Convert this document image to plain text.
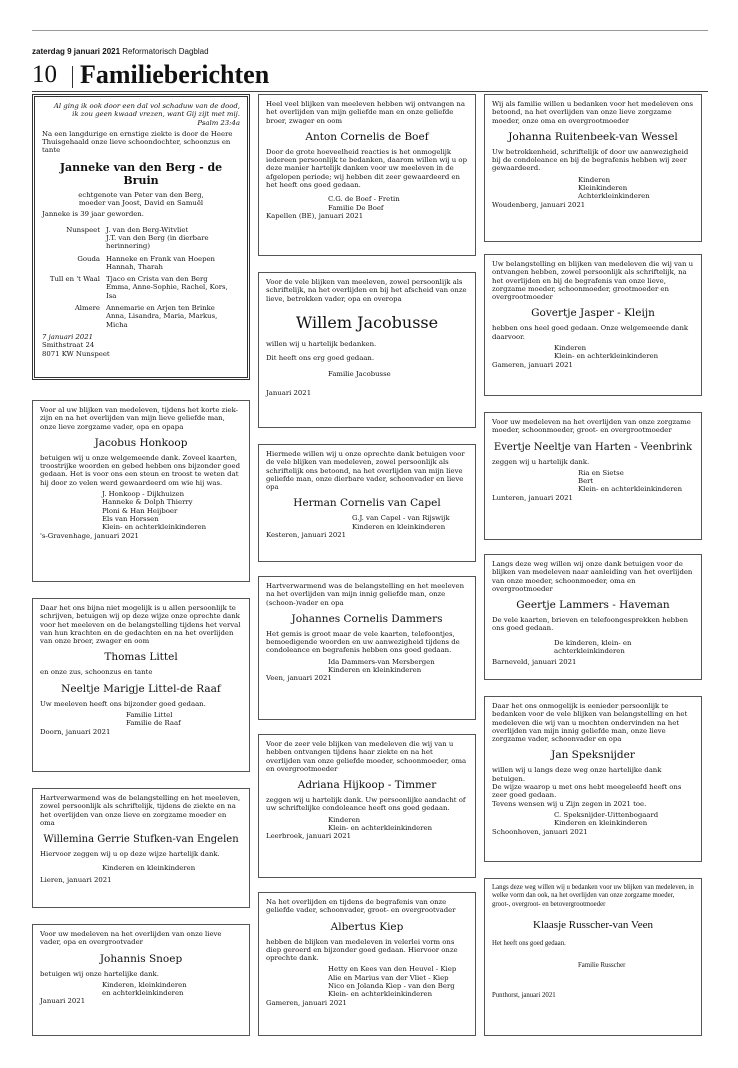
zaterdag 9 januari 2021 Reformatorisch Dagblad
10 Familieberichten

Al ging ik ook door een dal vol schaduw van de dood,

ik zou geen kwaad vrezen, want Gij zijt met mij.

Psalm 23:4a

Na een langdurige en ernstige ziekte is door de Heere Thuisgehaald onze lieve schoondochter, schoonzus en tante

Janneke van den Berg - de Bruin

echtgenote van Peter van den Berg,

moeder van Joost, David en Samuël

Janneke is 39 jaar geworden.

Nunspeet J. van den Berg-Witvliet
J.T. van den Berg (in dierbare herinnering)
Gouda Hanneke en Frank van Hoepen
Hannah, Tharah
Tull en 't Waal Tjaco en Crista van den Berg
Emma, Anne-Sophie, Rachel, Kors, Isa
Almere Annemarie en Arjen ten Brinke
Anna, Lisandra, Maria, Markus, Micha

7 januari 2021

Smithstraat 24

8071 KW Nunspeet

Voor al uw blijken van medeleven, tijdens het korte ziek-zijn en na het overlijden van mijn lieve geliefde man, onze lieve zorgzame vader, opa en opapa

Jacobus Honkoop

betuigen wij u onze welgemeende dank. Zoveel kaarten, troostrijke woorden en gebed hebben ons bijzonder goed gedaan. Het is voor ons een steun en troost te weten dat hij door zo velen werd gewaardeerd om wie hij was.

J. Honkoop - Dijkhuizen
Hanneke & Dolph Thierry
Ploni & Han Heijboer
Els van Horssen
Klein- en achterkleinkinderen

's-Gravenhage, januari 2021

Daar het ons bijna niet mogelijk is u allen persoonlijk te schrijven, betuigen wij op deze wijze onze oprechte dank voor het meeleven en de belangstelling tijdens het verval van hun krachten en de gedachten en na het overlijden van onze broer, zwager en oom

Thomas Littel

en onze zus, schoonzus en tante

Neeltje Marigje Littel-de Raaf

Uw meeleven heeft ons bijzonder goed gedaan.

Familie Littel
Familie de Raaf

Doorn, januari 2021

Hartverwarmend was de belangstelling en het meeleven, zowel persoonlijk als schriftelijk, tijdens de ziekte en na het overlijden van onze lieve en zorgzame moeder en oma

Willemina Gerrie Stufken-van Engelen

Hiervoor zeggen wij u op deze wijze hartelijk dank.

Kinderen en kleinkinderen

Lieren, januari 2021

Voor uw medeleven na het overlijden van onze lieve vader, opa en overgrootvader

Johannis Snoep

betuigen wij onze hartelijke dank.

Kinderen, kleinkinderen
en achterkleinkinderen

Januari 2021

Heel veel blijken van meeleven hebben wij ontvangen na het overlijden van mijn geliefde man en onze geliefde broer, zwager en oom

Anton Cornelis de Boef

Door de grote hoeveelheid reacties is het onmogelijk iedereen persoonlijk te bedanken, daarom willen wij u op deze manier hartelijk danken voor uw meeleven in de afgelopen periode; wij hebben dit zeer gewaardeerd en het heeft ons goed gedaan.

C.G. de Boef - Fretin
Familie De Boef

Kapellen (BE), januari 2021

Voor de vele blijken van meeleven, zowel persoonlijk als schriftelijk, na het overlijden en bij het afscheid van onze lieve, betrokken vader, opa en overopa

Willem Jacobusse

willen wij u hartelijk bedanken.

Dit heeft ons erg goed gedaan.

Familie Jacobusse

Januari 2021

Hiermede willen wij u onze oprechte dank betuigen voor de vele blijken van medeleven, zowel persoonlijk als schriftelijk ons betoond, na het overlijden van mijn lieve geliefde man, onze dierbare vader, schoonvader en lieve opa

Herman Cornelis van Capel
G.J. van Capel - van Rijswijk
Kinderen en kleinkinderen

Kesteren, januari 2021

Hartverwarmend was de belangstelling en het meeleven na het overlijden van mijn innig geliefde man, onze (schoon-)vader en opa

Johannes Cornelis Dammers

Het gemis is groot maar de vele kaarten, telefoontjes, bemoedigende woorden en uw aanwezigheid tijdens de condoleance en begrafenis hebben ons goed gedaan.

Ida Dammers-van Mersbergen
Kinderen en kleinkinderen

Veen, januari 2021

Voor de zeer vele blijken van medeleven die wij van u hebben ontvangen tijdens haar ziekte en na het overlijden van onze geliefde moeder, schoonmoeder, oma en overgrootmoeder

Adriana Hijkoop - Timmer

zeggen wij u hartelijk dank. Uw persoonlijke aandacht of uw schriftelijke condoleance heeft ons goed gedaan.

Kinderen
Klein- en achterkleinkinderen

Leerbroek, januari 2021

Na het overlijden en tijdens de begrafenis van onze geliefde vader, schoonvader, groot- en overgrootvader

Albertus Kiep

hebben de blijken van medeleven in velerlei vorm ons diep geroerd en bijzonder goed gedaan. Hiervoor onze oprechte dank.

Hetty en Kees van den Heuvel - Kiep
Alie en Marius van der Vliet - Kiep
Nico en Jolanda Kiep - van den Berg
Klein- en achterkleinkinderen

Gameren, januari 2021

Wij als familie willen u bedanken voor het medeleven ons betoond, na het overlijden van onze lieve zorgzame moeder, onze oma en overgrootmoeder

Johanna Ruitenbeek-van Wessel

Uw betrokkenheid, schriftelijk of door uw aanwezigheid bij de condoleance en bij de begrafenis hebben wij zeer gewaardeerd.

Kinderen
Kleinkinderen
Achterkleinkinderen

Woudenberg, januari 2021

Uw belangstelling en blijken van medeleven die wij van u ontvangen hebben, zowel persoonlijk als schriftelijk, na het overlijden en bij de begrafenis van onze lieve, zorgzame moeder, schoonmoeder, grootmoeder en overgrootmoeder

Govertje Jasper - Kleijn

hebben ons heel goed gedaan. Onze welgemeende dank daarvoor.

Kinderen
Klein- en achterkleinkinderen

Gameren, januari 2021

Voor uw medeleven na het overlijden van onze zorgzame moeder, schoonmoeder, groot- en overgrootmoeder

Evertje Neeltje van Harten - Veenbrink

zeggen wij u hartelijk dank.

Ria en Sietse
Bert
Klein- en achterkleinkinderen

Lunteren, januari 2021

Langs deze weg willen wij onze dank betuigen voor de blijken van medeleven naar aanleiding van het overlijden van onze moeder, schoonmoeder, oma en overgrootmoeder

Geertje Lammers - Haveman

De vele kaarten, brieven en telefoongesprekken hebben ons goed gedaan.

De kinderen, klein- en achterkleinkinderen

Barneveld, januari 2021

Daar het ons onmogelijk is eenieder persoonlijk te bedanken voor de vele blijken van belangstelling en het medeleven die wij van u mochten ondervinden na het overlijden van mijn innig geliefde man, onze lieve zorgzame vader, schoonvader en opa

Jan Speksnijder

willen wij u langs deze weg onze hartelijke dank betuigen.

De wijze waarop u met ons hebt meegeleefd heeft ons zeer goed gedaan.

Tevens wensen wij u Zijn zegen in 2021 toe.

C. Speksnijder-Uittenbogaard
Kinderen en kleinkinderen

Schoonhoven, januari 2021

Langs deze weg willen wij u bedanken voor uw blijken van medeleven, in welke vorm dan ook, na het overlijden van onze zorgzame moeder, groot-, overgroot- en betovergrootmoeder

Klaasje Russcher-van Veen

Het heeft ons goed gedaan.

Familie Russcher

Punthorst, januari 2021
